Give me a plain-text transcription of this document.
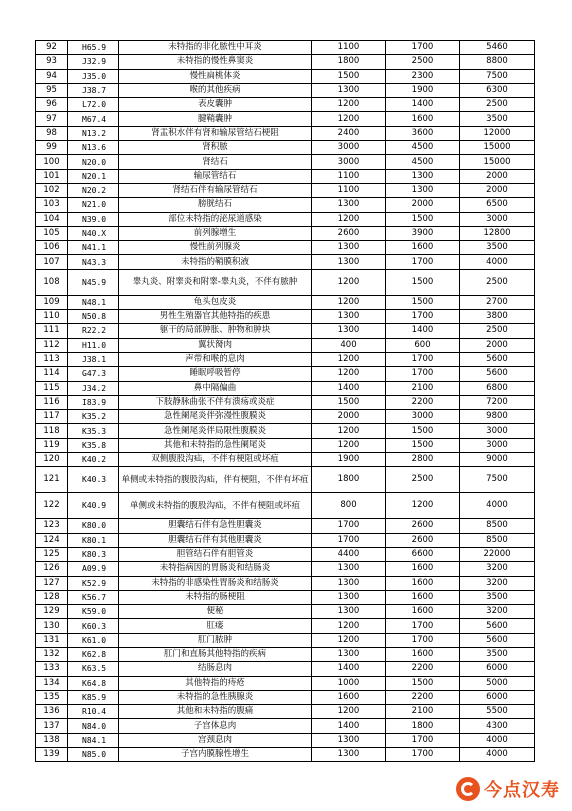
92	H65.9	未特指的非化脓性中耳炎	1100	1700	5460
93	J32.9	未特指的慢性鼻窦炎	1800	2500	8800
94	J35.0	慢性扁桃体炎	1500	2300	7500
95	J38.7	喉的其他疾病	1300	1900	6300
96	L72.0	表皮囊肿	1200	1400	2500
97	M67.4	腱鞘囊肿	1200	1600	3500
98	N13.2	肾盂积水伴有肾和输尿管结石梗阻	2400	3600	12000
99	N13.6	肾积脓	3000	4500	15000
100	N20.0	肾结石	3000	4500	15000
101	N20.1	输尿管结石	1100	1300	2000
102	N20.2	肾结石伴有输尿管结石	1100	1300	2000
103	N21.0	膀胱结石	1300	2000	6500
104	N39.0	部位未特指的泌尿道感染	1200	1500	3000
105	N40.X	前列腺增生	2600	3900	12800
106	N41.1	慢性前列腺炎	1300	1600	3500
107	N43.3	未特指的鞘膜积液	1300	1700	4000
108	N45.9	睾丸炎、附睾炎和附睾-睾丸炎，不伴有脓肿	1200	1500	2500
109	N48.1	龟头包皮炎	1200	1500	2700
110	N50.8	男性生殖器官其他特指的疾患	1300	1700	3800
111	R22.2	躯干的局部肿胀、肿物和肿块	1300	1400	2500
112	H11.0	翼状胬肉	400	600	2000
113	J38.1	声带和喉的息肉	1200	1700	5600
114	G47.3	睡眠呼吸暂停	1200	1700	5600
115	J34.2	鼻中隔偏曲	1400	2100	6800
116	I83.9	下肢静脉曲张不伴有溃疡或炎症	1500	2200	7200
117	K35.2	急性阑尾炎伴弥漫性腹膜炎	2000	3000	9800
118	K35.3	急性阑尾炎伴局限性腹膜炎	1200	1500	3000
119	K35.8	其他和未特指的急性阑尾炎	1200	1500	3000
120	K40.2	双侧腹股沟疝，不伴有梗阻或坏疽	1900	2800	9000
121	K40.3	单侧或未特指的腹股沟疝，伴有梗阻，不伴有坏疽	1800	2500	7500
122	K40.9	单侧或未特指的腹股沟疝，不伴有梗阻或坏疽	800	1200	4000
123	K80.0	胆囊结石伴有急性胆囊炎	1700	2600	8500
124	K80.1	胆囊结石伴有其他胆囊炎	1700	2600	8500
125	K80.3	胆管结石伴有胆管炎	4400	6600	22000
126	A09.9	未特指病因的胃肠炎和结肠炎	1300	1600	3200
127	K52.9	未特指的非感染性胃肠炎和结肠炎	1300	1600	3200
128	K56.7	未特指的肠梗阻	1300	1600	3500
129	K59.0	便秘	1300	1600	3200
130	K60.3	肛瘘	1200	1700	5600
131	K61.0	肛门脓肿	1200	1700	5600
132	K62.8	肛门和直肠其他特指的疾病	1300	1600	3500
133	K63.5	结肠息肉	1400	2200	6000
134	K64.8	其他特指的痔疮	1000	1500	5000
135	K85.9	未特指的急性胰腺炎	1600	2200	6000
136	R10.4	其他和未特指的腹痛	1200	2100	5500
137	N84.0	子宫体息肉	1400	1800	4300
138	N84.1	宫颈息肉	1300	1700	4000
139	N85.0	子宫内膜腺性增生	1300	1700	4000
今点汉寿
